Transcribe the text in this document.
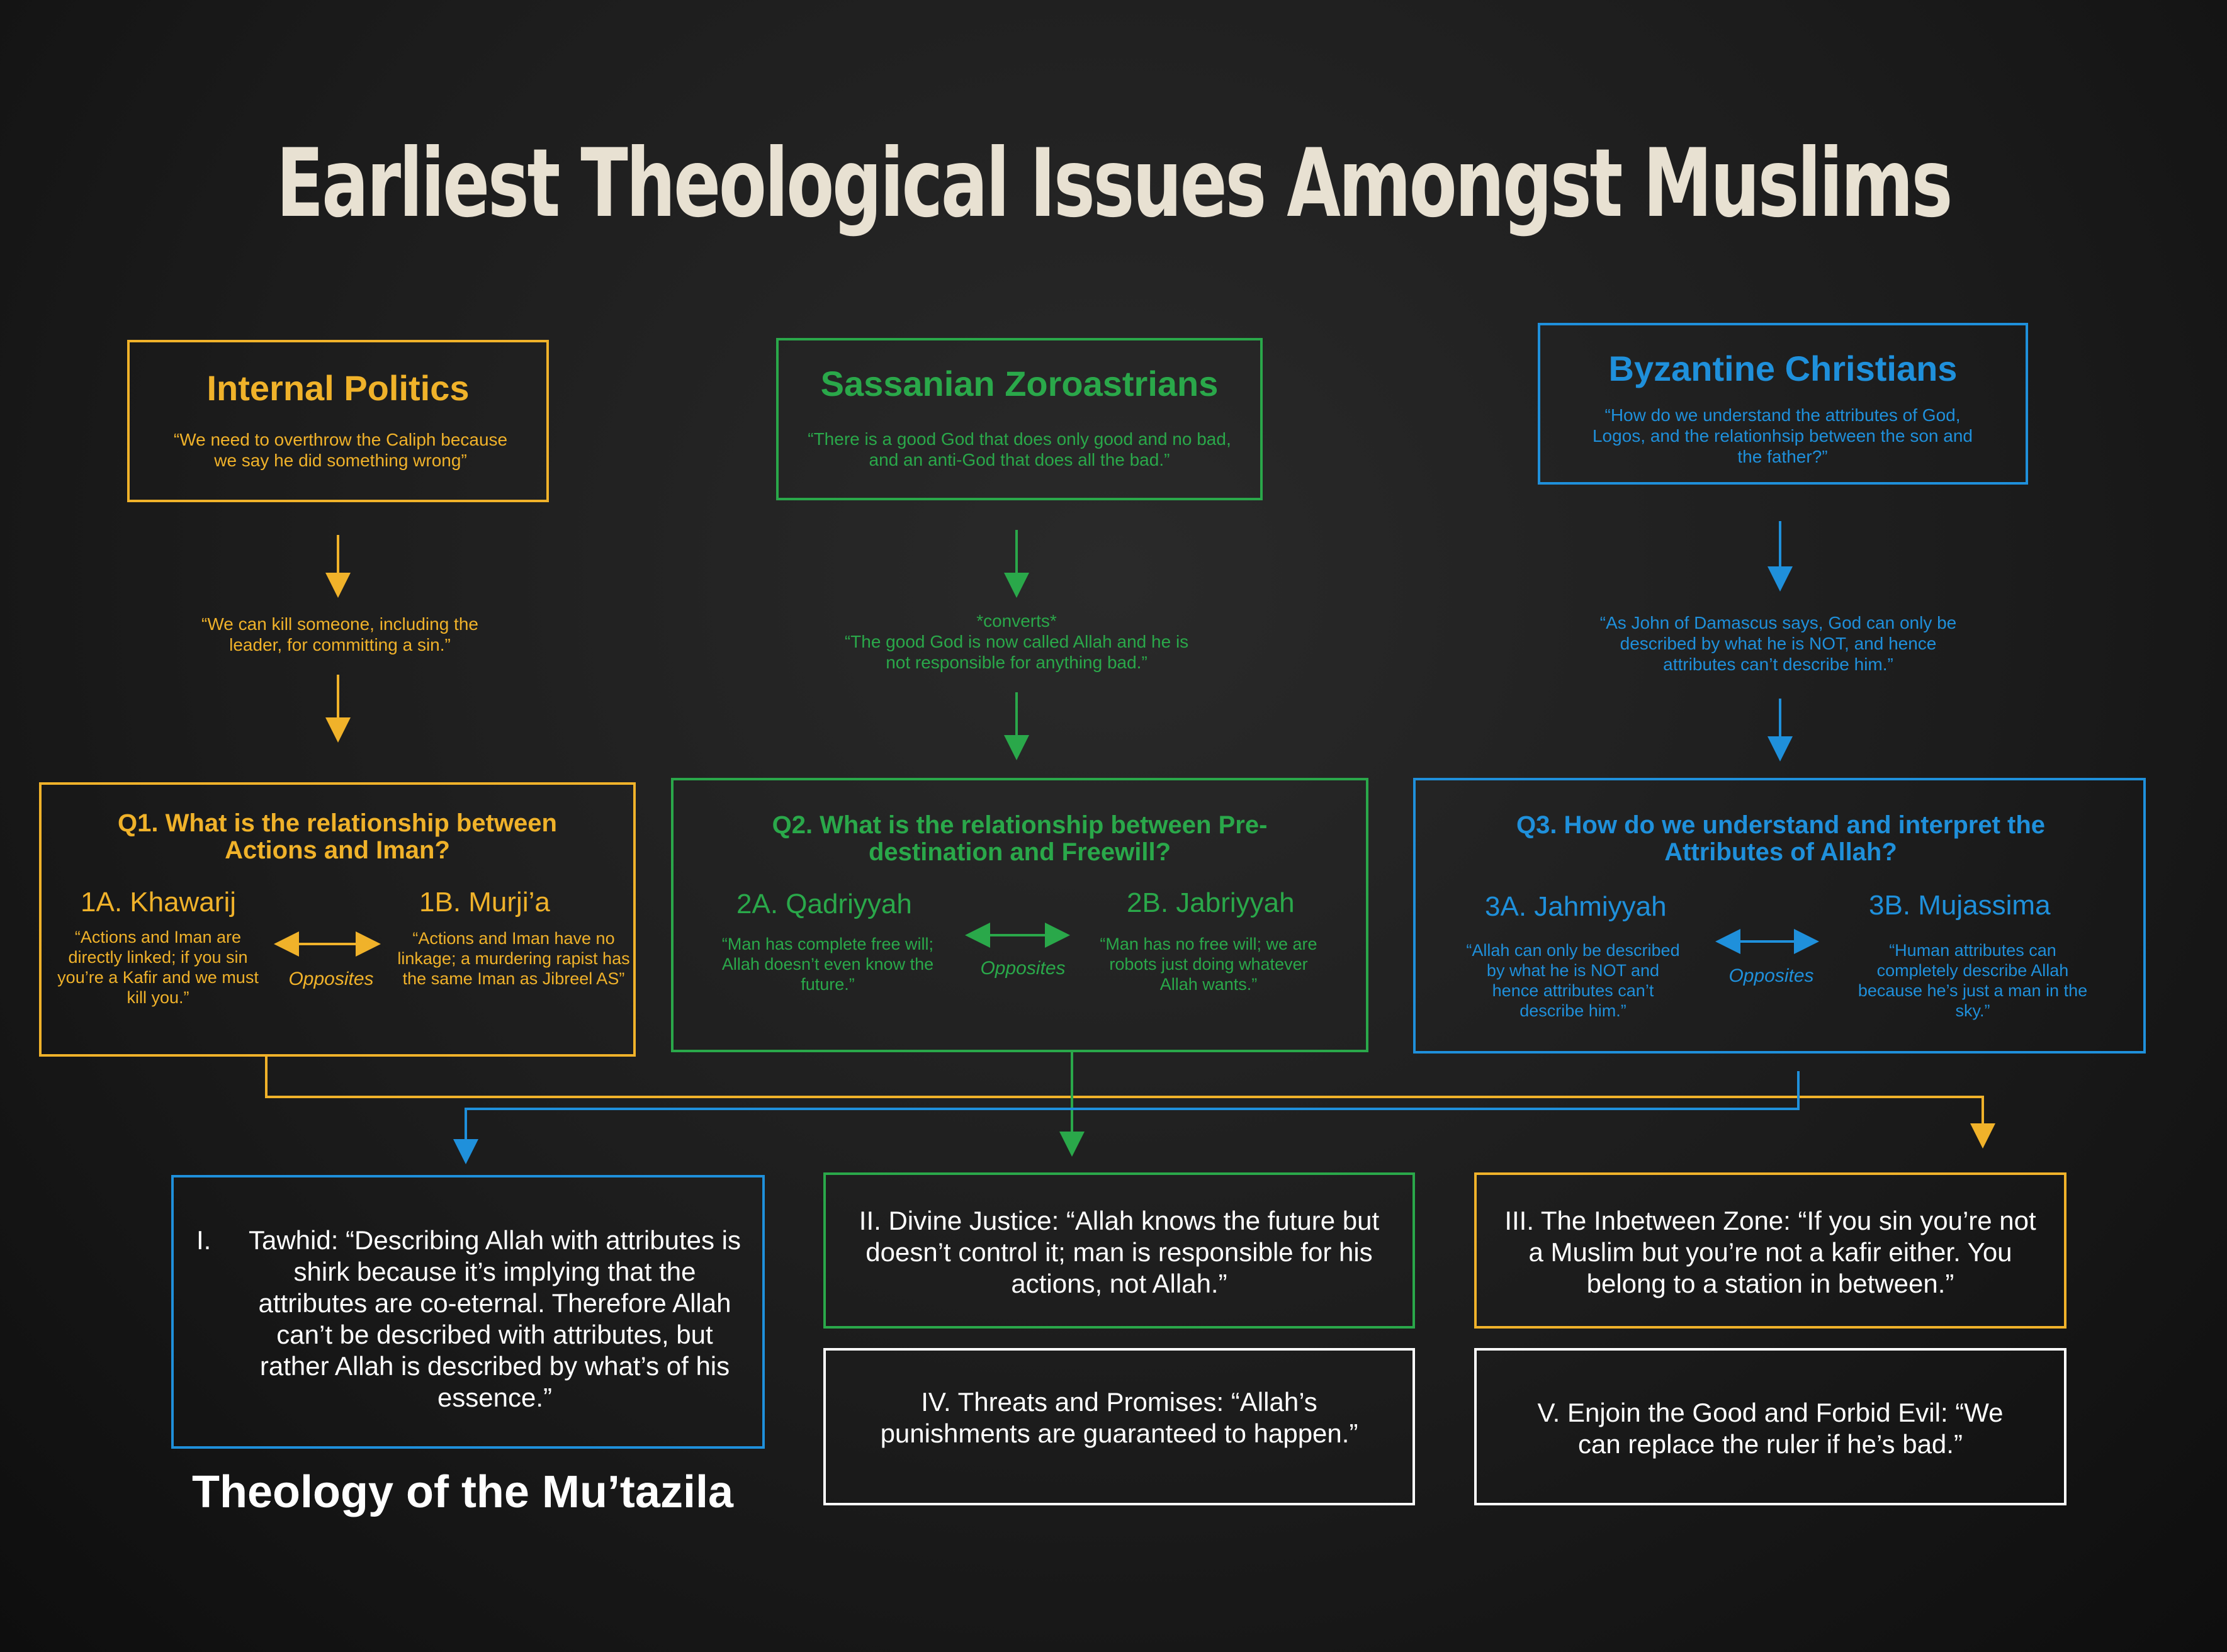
Earliest Theological Issues Amongst Muslims
Internal Politics
“We need to overthrow the Caliph because we say he did something wrong”
“We can kill someone, including the leader, for committing a sin.”
Q1. What is the relationship between Actions and Iman?
1A. Khawarij
“Actions and Iman are directly linked; if you sin you’re a Kafir and we must kill you.”
Opposites
1B. Murji’a
“Actions and Iman have no linkage; a murdering rapist has the same Iman as Jibreel AS”
Sassanian Zoroastrians
“There is a good God that does only good and no bad, and an anti-God that does all the bad.”
*converts*
“The good God is now called Allah and he is not responsible for anything bad.”
Q2. What is the relationship between Pre-destination and Freewill?
2A. Qadriyyah
“Man has complete free will; Allah doesn’t even know the future.”
Opposites
2B. Jabriyyah
“Man has no free will; we are robots just doing whatever Allah wants.”
Byzantine Christians
“How do we understand the attributes of God, Logos, and the relationhsip between the son and the father?”
“As John of Damascus says, God can only be described by what he is NOT, and hence attributes can’t describe him.”
Q3. How do we understand and interpret the Attributes of Allah?
3A. Jahmiyyah
“Allah can only be described by what he is NOT and hence attributes can’t describe him.”
Opposites
3B. Mujassima
“Human attributes can completely describe Allah because he’s just a man in the sky.”
I. Tawhid: “Describing Allah with attributes is shirk because it’s implying that the attributes are co-eternal. Therefore Allah can’t be described with attributes, but rather Allah is described by what’s of his essence.”
II. Divine Justice: “Allah knows the future but doesn’t control it; man is responsible for his actions, not Allah.”
III. The Inbetween Zone: “If you sin you’re not a Muslim but you’re not a kafir either. You belong to a station in between.”
IV. Threats and Promises: “Allah’s punishments are guaranteed to happen.”
V. Enjoin the Good and Forbid Evil: “We can replace the ruler if he’s bad.”
Theology of the Mu’tazila
